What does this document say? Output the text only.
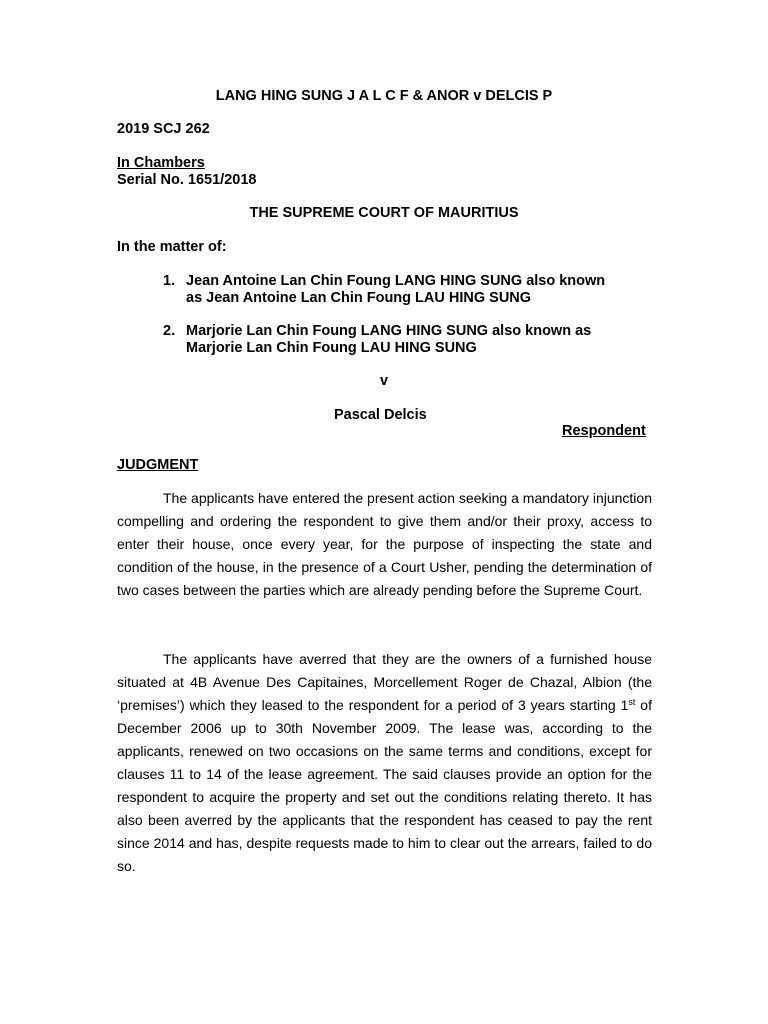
LANG HING SUNG J A L C F & ANOR v DELCIS P
2019 SCJ 262
In Chambers
Serial No. 1651/2018
THE SUPREME COURT OF MAURITIUS
In the matter of:
1. Jean Antoine Lan Chin Foung LANG HING SUNG also known
as Jean Antoine Lan Chin Foung LAU HING SUNG
2. Marjorie Lan Chin Foung LANG HING SUNG also known as
Marjorie Lan Chin Foung LAU HING SUNG
v
Pascal Delcis
Respondent
JUDGMENT

The applicants have entered the present action seeking a mandatory injunction compelling and ordering the respondent to give them and/or their proxy, access to enter their house, once every year, for the purpose of inspecting the state and condition of the house, in the presence of a Court Usher, pending the determination of two cases between the parties which are already pending before the Supreme Court.

The applicants have averred that they are the owners of a furnished house situated at 4B Avenue Des Capitaines, Morcellement Roger de Chazal, Albion (the ‘premises’) which they leased to the respondent for a period of 3 years starting 1st of December 2006 up to 30th November 2009. The lease was, according to the applicants, renewed on two occasions on the same terms and conditions, except for clauses 11 to 14 of the lease agreement. The said clauses provide an option for the respondent to acquire the property and set out the conditions relating thereto. It has also been averred by the applicants that the respondent has ceased to pay the rent since 2014 and has, despite requests made to him to clear out the arrears, failed to do so.
